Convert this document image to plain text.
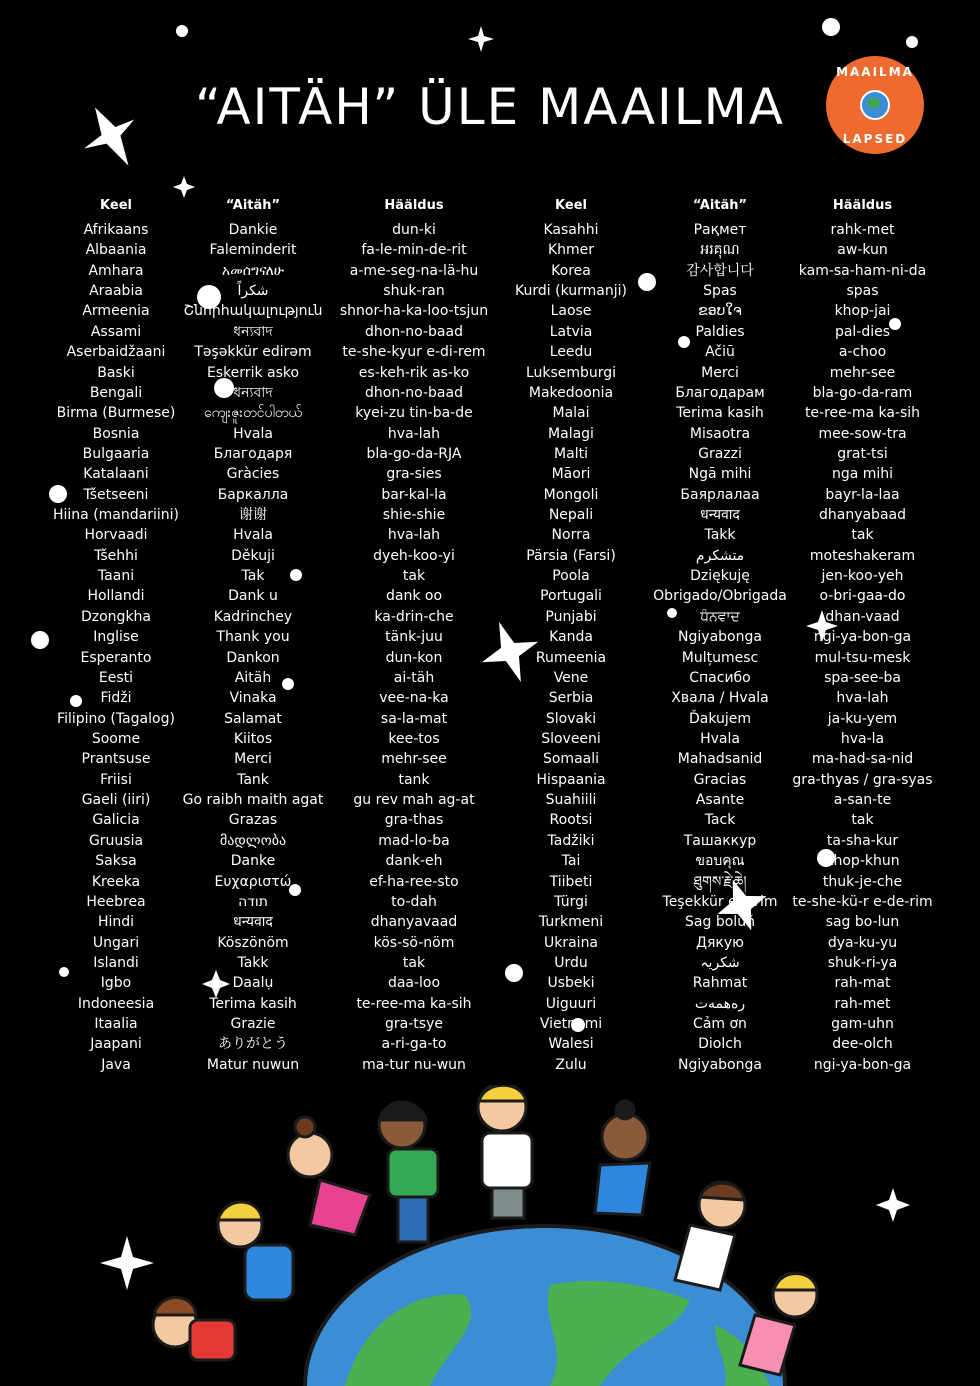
“AITÄH” ÜLE MAAILMA
MAAILMA
LAPSED
Keel
Afrikaans
Albaania
Amhara
Araabia
Armeenia
Assami
Aserbaidžaani
Baski
Bengali
Birma (Burmese)
Bosnia
Bulgaaria
Katalaani
Tšetseeni
Hiina (mandariini)
Horvaadi
Tšehhi
Taani
Hollandi
Dzongkha
Inglise
Esperanto
Eesti
Fidži
Filipino (Tagalog)
Soome
Prantsuse
Friisi
Gaeli (iiri)
Galicia
Gruusia
Saksa
Kreeka
Heebrea
Hindi
Ungari
Islandi
Igbo
Indoneesia
Itaalia
Jaapani
Java
“Aitäh”
Dankie
Faleminderit
አመሰግናለሁ
شكراً
Շնորհակալություն
ধন্যবাদ
Təşəkkür edirəm
Eskerrik asko
ধন্যবাদ
ကျေးဇူးတင်ပါတယ်
Hvala
Благодаря
Gràcies
Баркалла
谢谢
Hvala
Děkuji
Tak
Dank u
Kadrinchey
Thank you
Dankon
Aitäh
Vinaka
Salamat
Kiitos
Merci
Tank
Go raibh maith agat
Grazas
მადლობა
Danke
Ευχαριστώ
תודה
धन्यवाद
Köszönöm
Takk
Daalụ
Terima kasih
Grazie
ありがとう
Matur nuwun
Hääldus
dun-ki
fa-le-min-de-rit
a-me-seg-na-lä-hu
shuk-ran
shnor-ha-ka-loo-tsjun
dhon-no-baad
te-she-kyur e-di-rem
es-keh-rik as-ko
dhon-no-baad
kyei-zu tin-ba-de
hva-lah
bla-go-da-RJA
gra-sies
bar-kal-la
shie-shie
hva-lah
dyeh-koo-yi
tak
dank oo
ka-drin-che
tänk-juu
dun-kon
ai-täh
vee-na-ka
sa-la-mat
kee-tos
mehr-see
tank
gu rev mah ag-at
gra-thas
mad-lo-ba
dank-eh
ef-ha-ree-sto
to-dah
dhanyavaad
kös-sö-nöm
tak
daa-loo
te-ree-ma ka-sih
gra-tsye
a-ri-ga-to
ma-tur nu-wun
Keel
Kasahhi
Khmer
Korea
Kurdi (kurmanji)
Laose
Latvia
Leedu
Luksemburgi
Makedoonia
Malai
Malagi
Malti
Māori
Mongoli
Nepali
Norra
Pärsia (Farsi)
Poola
Portugali
Punjabi
Kanda
Rumeenia
Vene
Serbia
Slovaki
Sloveeni
Somaali
Hispaania
Suahiili
Rootsi
Tadžiki
Tai
Tiibeti
Türgi
Turkmeni
Ukraina
Urdu
Usbeki
Uiguuri
Vietnami
Walesi
Zulu
“Aitäh”
Рақмет
អរគុណ
감사합니다
Spas
ຂອບໃຈ
Paldies
Ačiū
Merci
Благодарам
Terima kasih
Misaotra
Grazzi
Ngā mihi
Баярлалаа
धन्यवाद
Takk
متشکرم
Dziękuję
Obrigado/Obrigada
ਧੰਨਵਾਦ
Ngiyabonga
Mulțumesc
Спасибо
Хвала / Hvala
Ďakujem
Hvala
Mahadsanid
Gracias
Asante
Tack
Ташаккур
ขอบคุณ
ཐུགས་རྗེ་ཆེ།
Teşekkür ederim
Sag boluň
Дякую
شکریہ
Rahmat
رەھمەت
Cảm ơn
Diolch
Ngiyabonga
Hääldus
rahk-met
aw-kun
kam-sa-ham-ni-da
spas
khop-jai
pal-dies
a-choo
mehr-see
bla-go-da-ram
te-ree-ma ka-sih
mee-sow-tra
grat-tsi
nga mihi
bayr-la-laa
dhanyabaad
tak
moteshakeram
jen-koo-yeh
o-bri-gaa-do
dhan-vaad
ngi-ya-bon-ga
mul-tsu-mesk
spa-see-ba
hva-lah
ja-ku-yem
hva-la
ma-had-sa-nid
gra-thyas / gra-syas
a-san-te
tak
ta-sha-kur
khop-khun
thuk-je-che
te-she-kü-r e-de-rim
sag bo-lun
dya-ku-yu
shuk-ri-ya
rah-mat
rah-met
gam-uhn
dee-olch
ngi-ya-bon-ga
